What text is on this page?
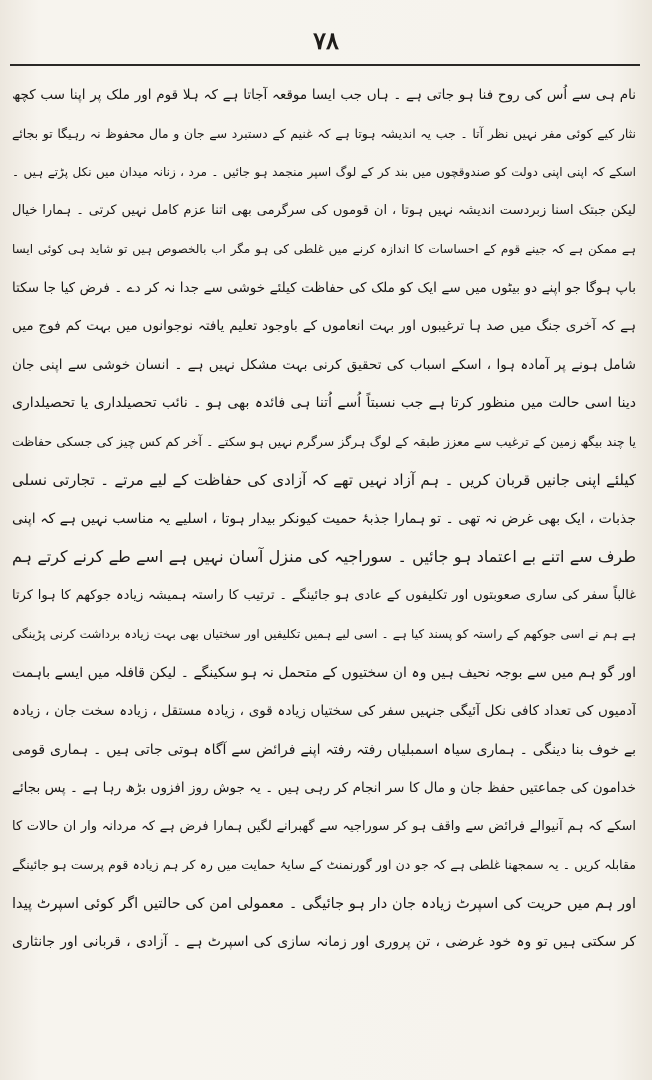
۷۸
نام ہی سے اُس کی روح فنا ہو جاتی ہے ۔ ہاں جب ایسا موقعہ آجاتا ہے کہ ہلا قوم اور ملک پر اپنا سب کچھ
نثار کیے کوئی مفر نہیں نظر آتا ۔ جب یہ اندیشہ ہوتا ہے کہ غنیم کے دستبرد سے جان و مال محفوظ نہ رہیگا تو بجائے
اسکے کہ اپنی اپنی دولت کو صندوقچوں میں بند کر کے لوگ اسپر منجمد ہو جائیں ۔ مرد ، زنانہ میدان میں نکل پڑتے ہیں ۔
لیکن جبتک اسنا زبردست اندیشہ نہیں ہوتا ، ان قوموں کی سرگرمی بھی اتنا عزم کامل نہیں کرتی ۔ ہمارا خیال
ہے ممکن ہے کہ جینے قوم کے احساسات کا اندازہ کرنے میں غلطی کی ہو مگر اب بالخصوص ہیں تو شاید ہی کوئی ایسا
باپ ہوگا جو اپنے دو بیٹوں میں سے ایک کو ملک کی حفاظت کیلئے خوشی سے جدا نہ کر دے ۔ فرض کیا جا سکتا
ہے کہ آخری جنگ میں صد ہا ترغیبوں اور بہت انعاموں کے باوجود تعلیم یافتہ نوجوانوں میں بہت کم فوج میں
شامل ہونے پر آمادہ ہوا ، اسکے اسباب کی تحقیق کرنی بہت مشکل نہیں ہے ۔ انسان خوشی سے اپنی جان
دینا اسی حالت میں منظور کرتا ہے جب نسبتاً اُسے اُتنا ہی فائدہ بھی ہو ۔ نائب تحصیلداری یا تحصیلداری
یا چند بیگھ زمین کے ترغیب سے معزز طبقہ کے لوگ ہرگز سرگرم نہیں ہو سکتے ۔ آخر کم کس چیز کی جسکی حفاظت
کیلئے اپنی جانیں قربان کریں ۔ ہم آزاد نہیں تھے کہ آزادی کی حفاظت کے لیے مرتے ۔ تجارتی نسلی
جذبات ، ایک بھی غرض نہ تھی ۔ تو ہمارا جذبۂ حمیت کیونکر بیدار ہوتا ، اسلیے یہ مناسب نہیں ہے کہ اپنی
طرف سے اتنے بے اعتماد ہو جائیں ۔ سوراجیہ کی منزل آسان نہیں ہے اسے طے کرنے کرتے ہم
غالباً سفر کی ساری صعوبتوں اور تکلیفوں کے عادی ہو جائینگے ۔ ترتیب کا راستہ ہمیشہ زیادہ جوکھم کا ہوا کرتا
ہے ہم نے اسی جوکھم کے راستہ کو پسند کیا ہے ۔ اسی لیے ہمیں تکلیفیں اور سختیاں بھی بہت زیادہ برداشت کرنی پڑینگی
اور گو ہم میں سے بوجہ نحیف ہیں وہ ان سختیوں کے متحمل نہ ہو سکینگے ۔ لیکن قافلہ میں ایسے باہمت
آدمیوں کی تعداد کافی نکل آئیگی جنہیں سفر کی سختیاں زیادہ قوی ، زیادہ مستقل ، زیادہ سخت جان ، زیادہ
بے خوف بنا دینگی ۔ ہماری سیاہ اسمبلیاں رفتہ رفتہ اپنے فرائض سے آگاہ ہوتی جاتی ہیں ۔ ہماری قومی
خدامون کی جماعتیں حفظ جان و مال کا سر انجام کر رہی ہیں ۔ یہ جوش روز افزوں بڑھ رہا ہے ۔ پس بجائے
اسکے کہ ہم آنیوالے فرائض سے واقف ہو کر سوراجیہ سے گھبرانے لگیں ہمارا فرض ہے کہ مردانہ وار ان حالات کا
مقابلہ کریں ۔ یہ سمجھنا غلطی ہے کہ جو دن اور گورنمنٹ کے سایۂ حمایت میں رہ کر ہم زیادہ قوم پرست ہو جائینگے
اور ہم میں حریت کی اسپرٹ زیادہ جان دار ہو جائیگی ۔ معمولی امن کی حالتیں اگر کوئی اسپرٹ پیدا
کر سکتی ہیں تو وہ خود غرضی ، تن پروری اور زمانہ سازی کی اسپرٹ ہے ۔ آزادی ، قربانی اور جانثاری
